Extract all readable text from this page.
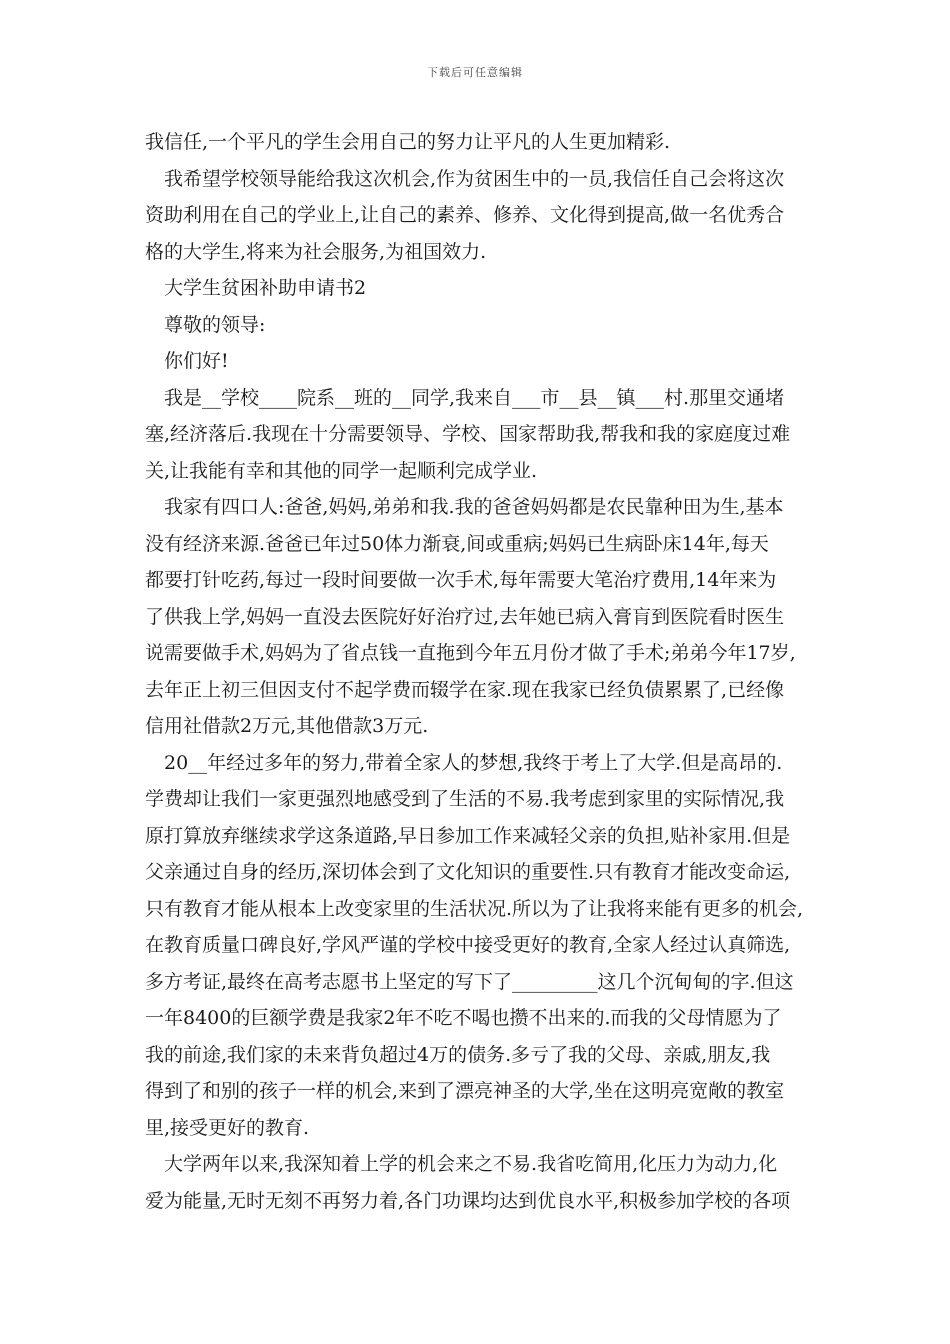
下载后可任意编辑
我信任,一个平凡的学生会用自己的努力让平凡的人生更加精彩.
我希望学校领导能给我这次机会,作为贫困生中的一员,我信任自己会将这次
资助利用在自己的学业上,让自己的素养、修养、文化得到提高,做一名优秀合
格的大学生,将来为社会服务,为祖国效力.
大学生贫困补助申请书2
尊敬的领导:
你们好!
我是__学校____院系__班的__同学,我来自___市__县__镇___村.那里交通堵
塞,经济落后.我现在十分需要领导、学校、国家帮助我,帮我和我的家庭度过难
关,让我能有幸和其他的同学一起顺利完成学业.
我家有四口人:爸爸,妈妈,弟弟和我.我的爸爸妈妈都是农民靠种田为生,基本
没有经济来源.爸爸已年过50体力渐衰,间或重病;妈妈已生病卧床14年,每天
都要打针吃药,每过一段时间要做一次手术,每年需要大笔治疗费用,14年来为
了供我上学,妈妈一直没去医院好好治疗过,去年她已病入膏肓到医院看时医生
说需要做手术,妈妈为了省点钱一直拖到今年五月份才做了手术;弟弟今年17岁,
去年正上初三但因支付不起学费而辍学在家.现在我家已经负债累累了,已经像
信用社借款2万元,其他借款3万元.
20__年经过多年的努力,带着全家人的梦想,我终于考上了大学.但是高昂的.
学费却让我们一家更强烈地感受到了生活的不易.我考虑到家里的实际情况,我
原打算放弃继续求学这条道路,早日参加工作来减轻父亲的负担,贴补家用.但是
父亲通过自身的经历,深切体会到了文化知识的重要性.只有教育才能改变命运,
只有教育才能从根本上改变家里的生活状况.所以为了让我将来能有更多的机会,
在教育质量口碑良好,学风严谨的学校中接受更好的教育,全家人经过认真筛选,
多方考证,最终在高考志愿书上坚定的写下了_________这几个沉甸甸的字.但这
一年8400的巨额学费是我家2年不吃不喝也攒不出来的.而我的父母情愿为了
我的前途,我们家的未来背负超过4万的债务.多亏了我的父母、亲戚,朋友,我
得到了和别的孩子一样的机会,来到了漂亮神圣的大学,坐在这明亮宽敞的教室
里,接受更好的教育.
大学两年以来,我深知着上学的机会来之不易.我省吃简用,化压力为动力,化
爱为能量,无时无刻不再努力着,各门功课均达到优良水平,积极参加学校的各项
